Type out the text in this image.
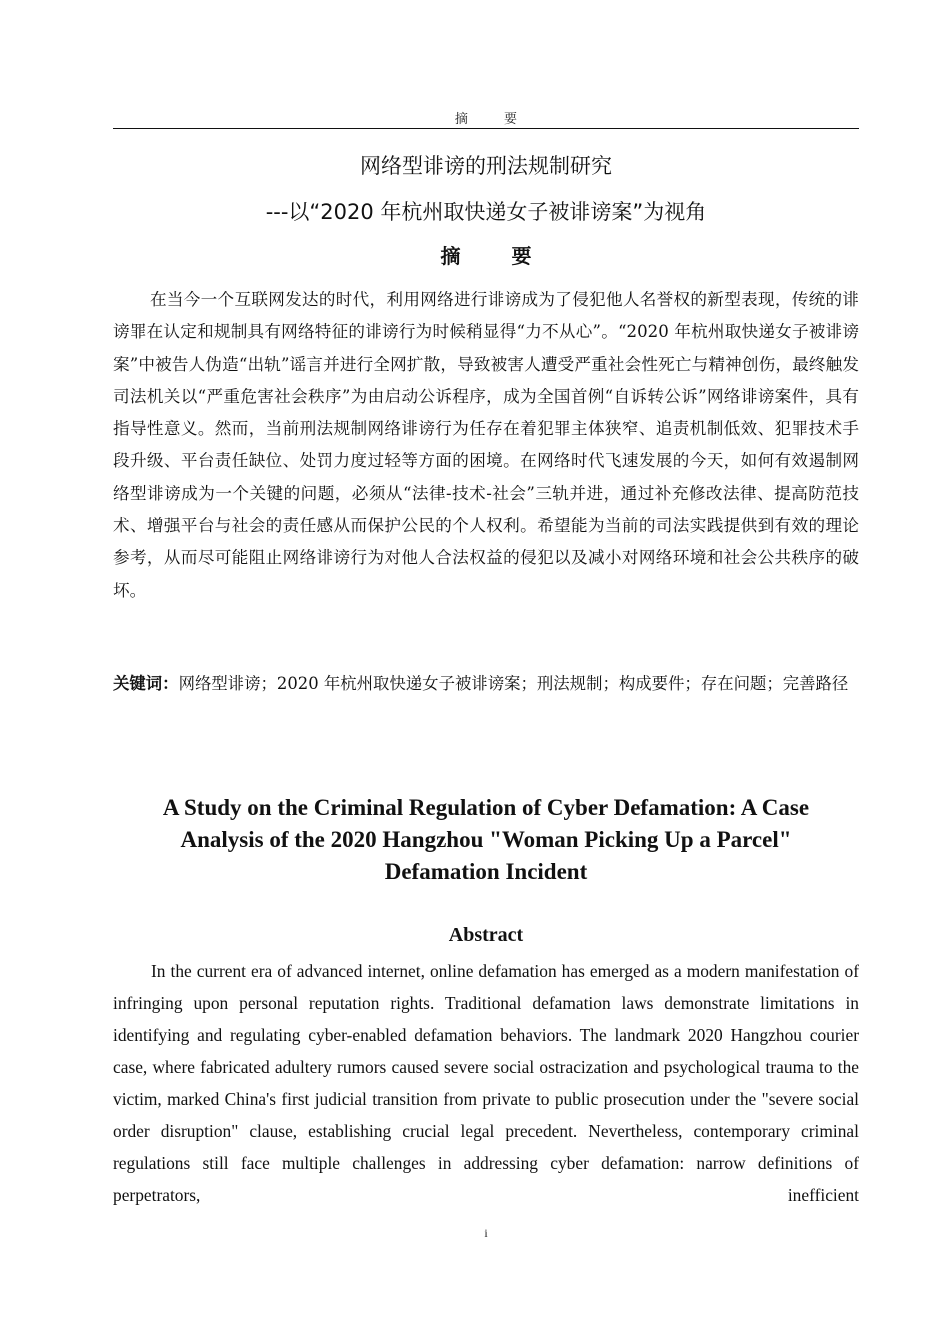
摘 要
网络型诽谤的刑法规制研究
---以“2020 年杭州取快递女子被诽谤案”为视角
摘 要

在当今一个互联网发达的时代，利用网络进行诽谤成为了侵犯他人名誉权的新型表现，传统的诽谤罪在认定和规制具有网络特征的诽谤行为时候稍显得“力不从心”。“2020 年杭州取快递女子被诽谤案”中被告人伪造“出轨”谣言并进行全网扩散，导致被害人遭受严重社会性死亡与精神创伤，最终触发司法机关以“严重危害社会秩序”为由启动公诉程序，成为全国首例“自诉转公诉”网络诽谤案件，具有指导性意义。然而，当前刑法规制网络诽谤行为任存在着犯罪主体狭窄、追责机制低效、犯罪技术手段升级、平台责任缺位、处罚力度过轻等方面的困境。在网络时代飞速发展的今天，如何有效遏制网络型诽谤成为一个关键的问题，必须从“法律-技术-社会”三轨并进，通过补充修改法律、提高防范技术、增强平台与社会的责任感从而保护公民的个人权利。希望能为当前的司法实践提供到有效的理论参考，从而尽可能阻止网络诽谤行为对他人合法权益的侵犯以及减小对网络环境和社会公共秩序的破坏。

关键词：网络型诽谤；2020 年杭州取快递女子被诽谤案；刑法规制；构成要件；存在问题；完善路径

A Study on the Criminal Regulation of Cyber Defamation: A Case
Analysis of the 2020 Hangzhou "Woman Picking Up a Parcel"
Defamation Incident
Abstract

In the current era of advanced internet, online defamation has emerged as a modern manifestation of infringing upon personal reputation rights. Traditional defamation laws demonstrate limitations in identifying and regulating cyber-enabled defamation behaviors. The landmark 2020 Hangzhou courier case, where fabricated adultery rumors caused severe social ostracization and psychological trauma to the victim, marked China's first judicial transition from private to public prosecution under the "severe social order disruption" clause, establishing crucial legal precedent. Nevertheless, contemporary criminal regulations still face multiple challenges in addressing cyber defamation: narrow definitions of perpetrators, inefficient

i
